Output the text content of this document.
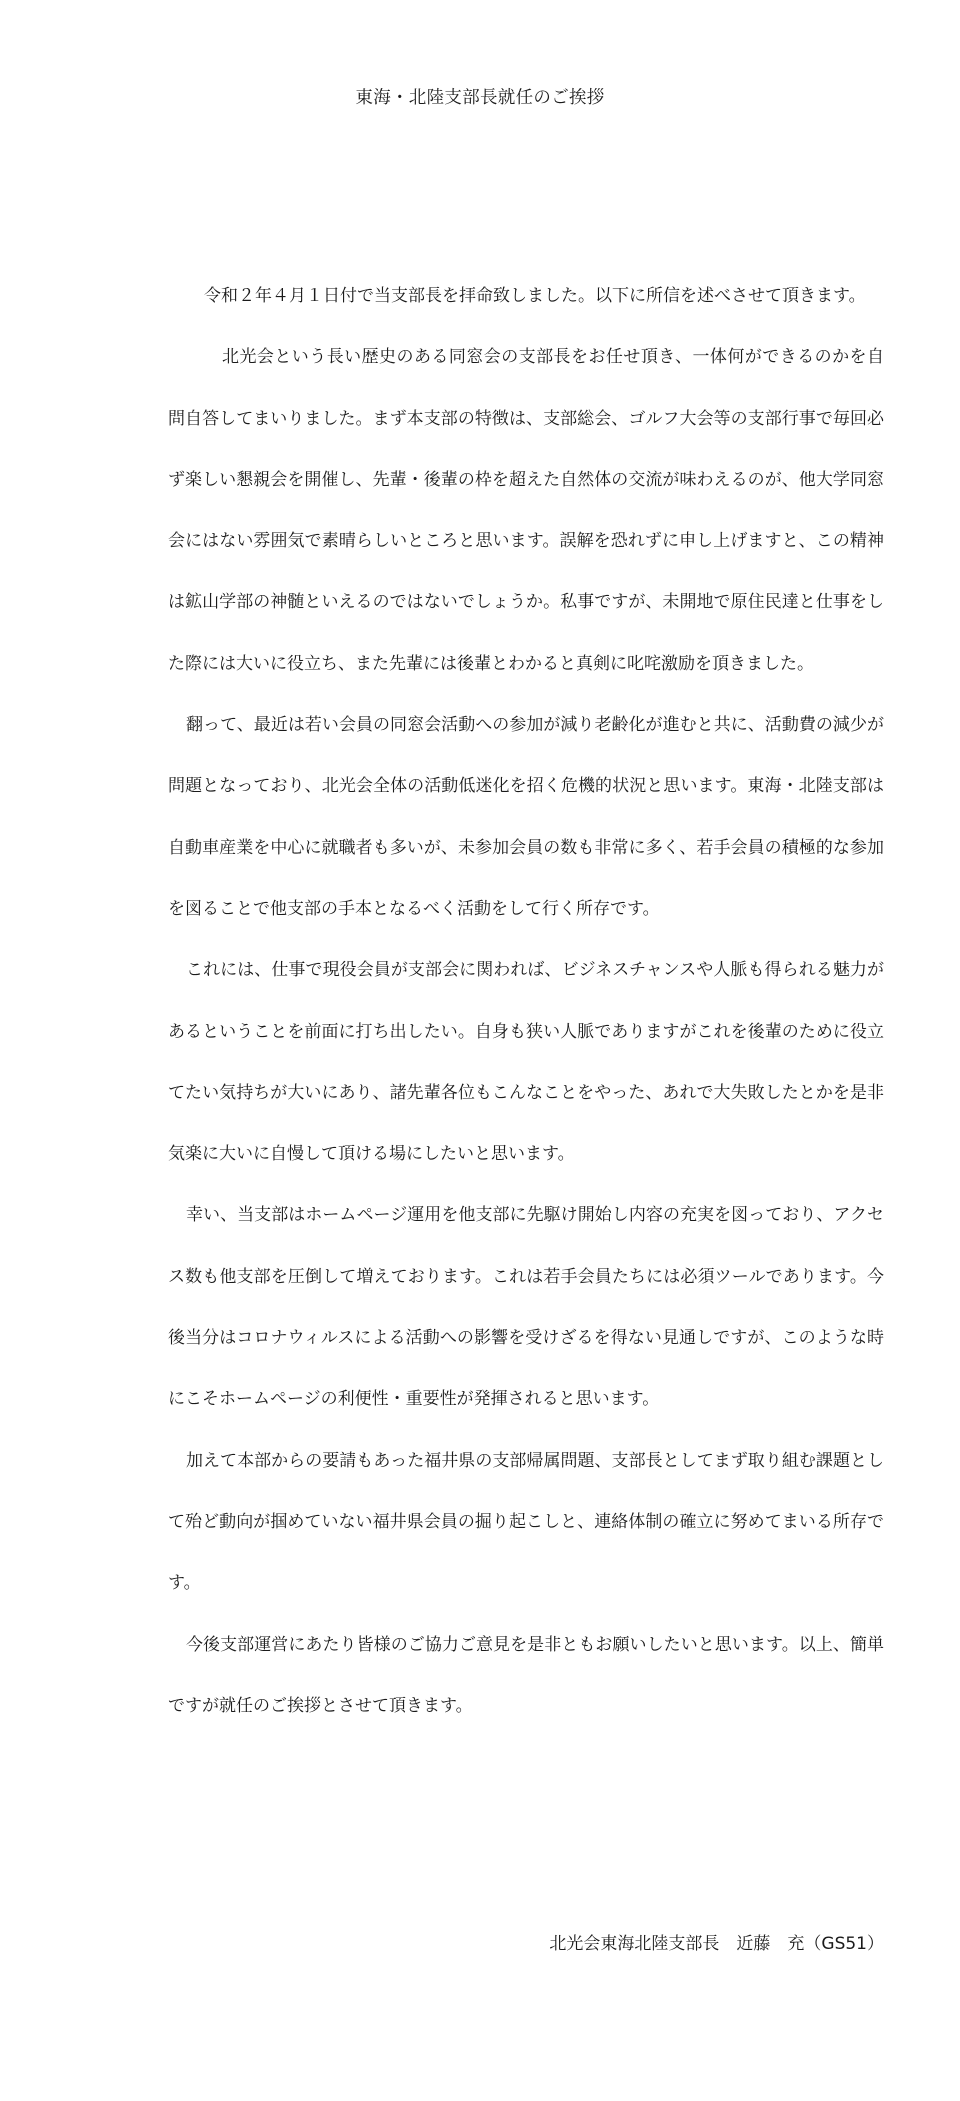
東海・北陸支部長就任のご挨拶

令和２年４月１日付で当支部長を拝命致しました。以下に所信を述べさせて頂きます。

北光会という長い歴史のある同窓会の支部長をお任せ頂き、一体何ができるのかを自問自答してまいりました。まず本支部の特徴は、支部総会、ゴルフ大会等の支部行事で毎回必ず楽しい懇親会を開催し、先輩・後輩の枠を超えた自然体の交流が味わえるのが、他大学同窓会にはない雰囲気で素晴らしいところと思います。誤解を恐れずに申し上げますと、この精神は鉱山学部の神髄といえるのではないでしょうか。私事ですが、未開地で原住民達と仕事をした際には大いに役立ち、また先輩には後輩とわかると真剣に叱咤激励を頂きました。

翻って、最近は若い会員の同窓会活動への参加が減り老齢化が進むと共に、活動費の減少が問題となっており、北光会全体の活動低迷化を招く危機的状況と思います。東海・北陸支部は自動車産業を中心に就職者も多いが、未参加会員の数も非常に多く、若手会員の積極的な参加を図ることで他支部の手本となるべく活動をして行く所存です。

これには、仕事で現役会員が支部会に関われば、ビジネスチャンスや人脈も得られる魅力があるということを前面に打ち出したい。自身も狭い人脈でありますがこれを後輩のために役立てたい気持ちが大いにあり、諸先輩各位もこんなことをやった、あれで大失敗したとかを是非気楽に大いに自慢して頂ける場にしたいと思います。

幸い、当支部はホームページ運用を他支部に先駆け開始し内容の充実を図っており、アクセス数も他支部を圧倒して増えております。これは若手会員たちには必須ツールであります。今後当分はコロナウィルスによる活動への影響を受けざるを得ない見通しですが、このような時にこそホームページの利便性・重要性が発揮されると思います。

加えて本部からの要請もあった福井県の支部帰属問題、支部長としてまず取り組む課題として殆ど動向が掴めていない福井県会員の掘り起こしと、連絡体制の確立に努めてまいる所存です。

今後支部運営にあたり皆様のご協力ご意見を是非ともお願いしたいと思います。以上、簡単ですが就任のご挨拶とさせて頂きます。

北光会東海北陸支部長　近藤　充（GS51）
